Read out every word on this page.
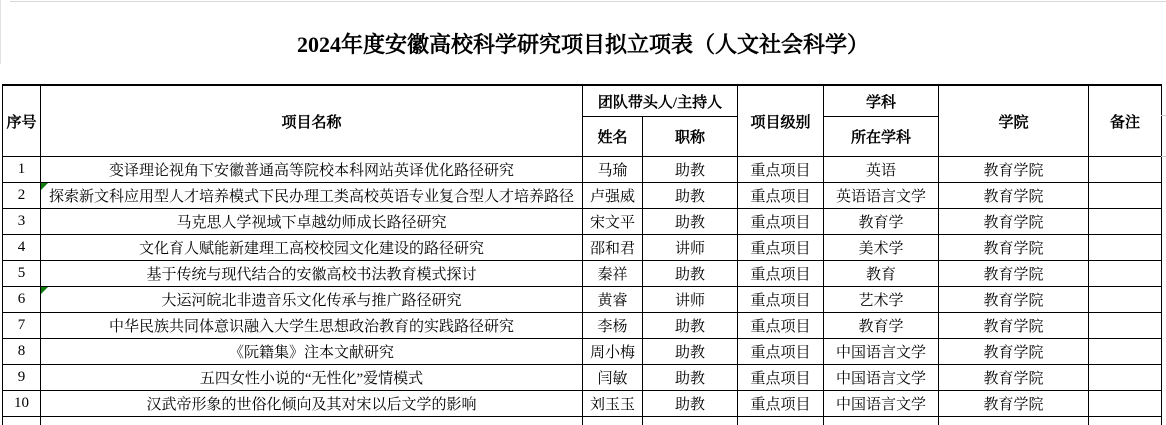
2024年度安徽高校科学研究项目拟立项表（人文社会科学）
序号	项目名称	团队带头人/主持人		项目级别	学科	学院	备注
		姓名	职称		所在学科		
1	变译理论视角下安徽普通高等院校本科网站英译优化路径研究	马瑜	助教	重点项目	英语	教育学院	
2	探索新文科应用型人才培养模式下民办理工类高校英语专业复合型人才培养路径	卢强威	助教	重点项目	英语语言文学	教育学院	
3	马克思人学视域下卓越幼师成长路径研究	宋文平	助教	重点项目	教育学	教育学院	
4	文化育人赋能新建理工高校校园文化建设的路径研究	邵和君	讲师	重点项目	美术学	教育学院	
5	基于传统与现代结合的安徽高校书法教育模式探讨	秦祥	助教	重点项目	教育	教育学院	
6	大运河皖北非遗音乐文化传承与推广路径研究	黄睿	讲师	重点项目	艺术学	教育学院	
7	中华民族共同体意识融入大学生思想政治教育的实践路径研究	李杨	助教	重点项目	教育学	教育学院	
8	《阮籍集》注本文献研究	周小梅	助教	重点项目	中国语言文学	教育学院	
9	五四女性小说的“无性化”爱情模式	闫敏	助教	重点项目	中国语言文学	教育学院	
10	汉武帝形象的世俗化倾向及其对宋以后文学的影响	刘玉玉	助教	重点项目	中国语言文学	教育学院	
